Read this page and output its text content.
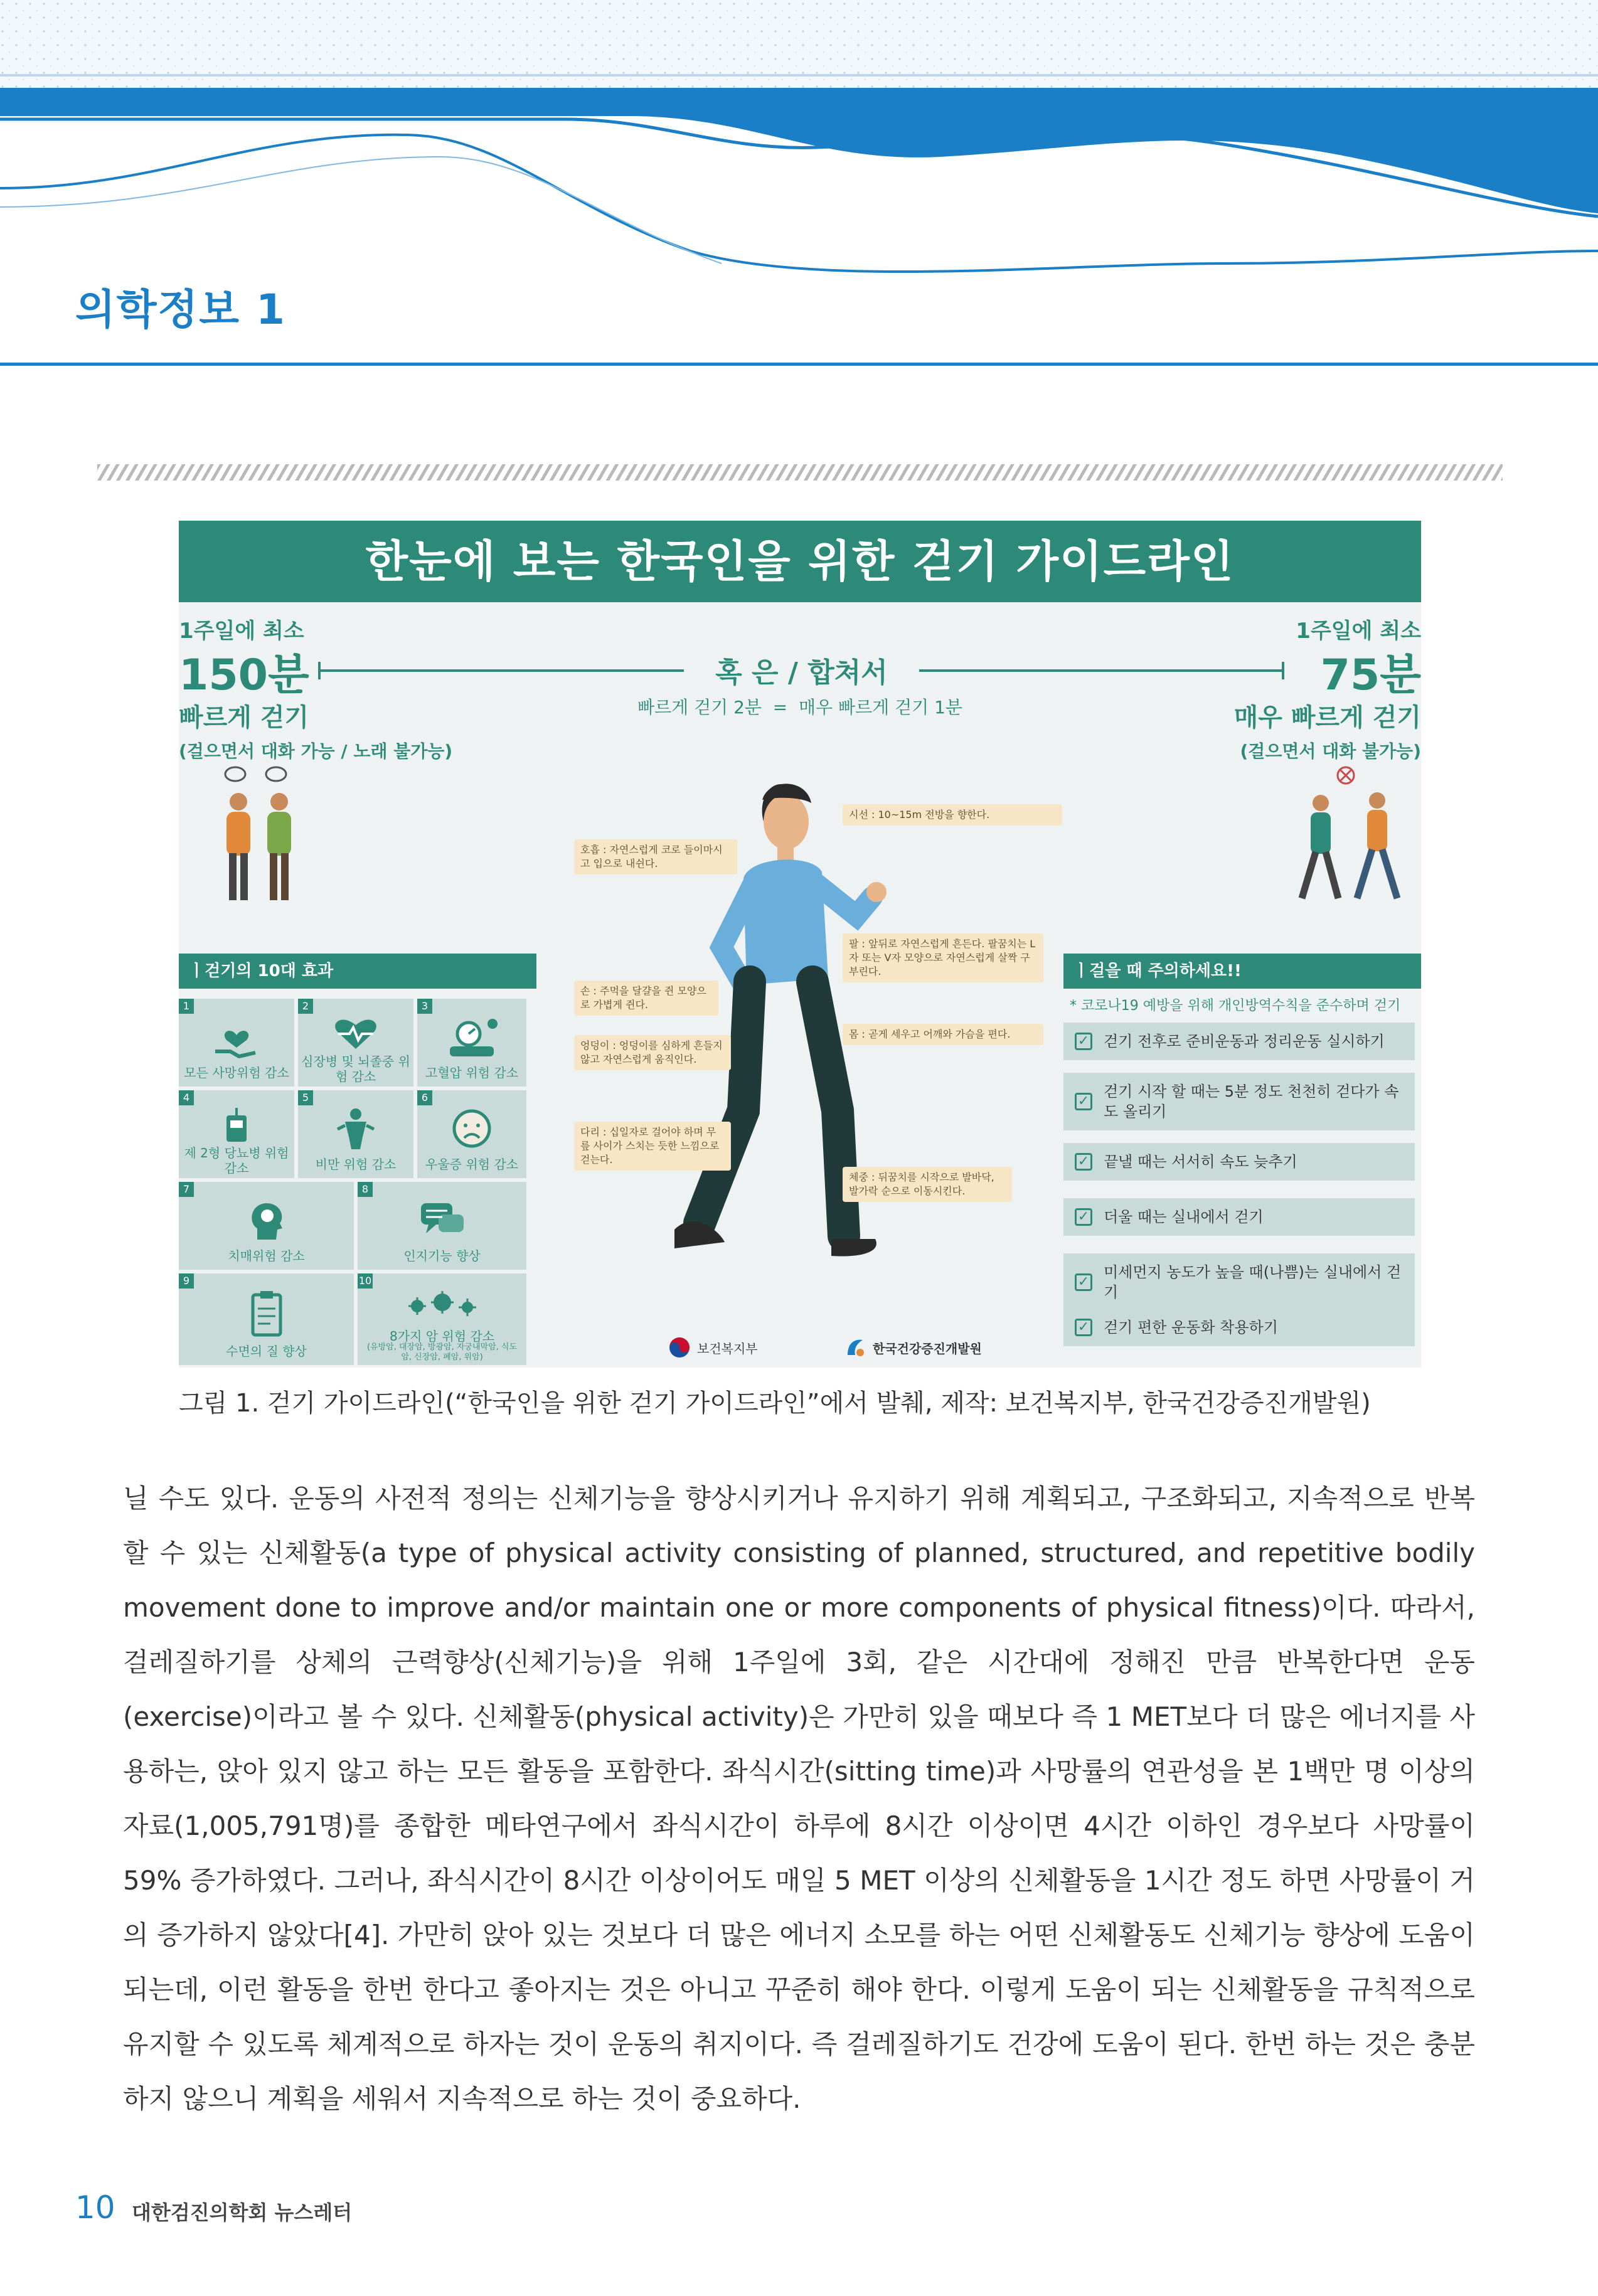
의학정보 1
한눈에 보는 한국인을 위한 걷기 가이드라인
1주일에 최소
150분
빠르게 걷기
(걸으면서 대화 가능 / 노래 불가능)
1주일에 최소
75분
매우 빠르게 걷기
(걸으면서 대화 불가능)
혹 은 / 합쳐서
빠르게 걷기 2분  =  매우 빠르게 걷기 1분
ㅣ걷기의 10대 효과
1
모든 사망위험 감소
2
심장병 및 뇌졸중 위험 감소
3
고혈압 위험 감소
4
제 2형 당뇨병 위험 감소
5
비만 위험 감소
6
우울증 위험 감소
7
치매위험 감소
8
인지기능 향상
9
수면의 질 향상
10
8가지 암 위험 감소
(유방암, 대장암, 방광암, 자궁내막암, 식도암, 신장암, 폐암, 위암)
호흡 : 자연스럽게 코로 들이마시고 입으로 내쉰다.
시선 : 10~15m 전방을 향한다.
팔 : 앞뒤로 자연스럽게 흔든다. 팔꿈치는 L자 또는 V자 모양으로 자연스럽게 살짝 구부린다.
손 : 주먹을 달걀을 쥔 모양으로 가볍게 쥔다.
엉덩이 : 엉덩이를 심하게 흔들지 않고 자연스럽게 움직인다.
몸 : 곧게 세우고 어깨와 가슴을 편다.
다리 : 십일자로 걸어야 하며 무릎 사이가 스치는 듯한 느낌으로 걷는다.
체중 : 뒤꿈치를 시작으로 발바닥, 발가락 순으로 이동시킨다.
보건복지부	한국건강증진개발원
ㅣ걸을 때 주의하세요!!
* 코로나19 예방을 위해 개인방역수칙을 준수하며 걷기
✓ 걷기 전후로 준비운동과 정리운동 실시하기
✓
걷기 시작 할 때는 5분 정도 천천히 걷다가 속도 올리기
✓ 끝낼 때는 서서히 속도 늦추기
✓ 더울 때는 실내에서 걷기
✓
미세먼지 농도가 높을 때(나쁨)는 실내에서 걷기
✓ 걷기 편한 운동화 착용하기
그림 1. 걷기 가이드라인(“한국인을 위한 걷기 가이드라인”에서 발췌, 제작: 보건복지부, 한국건강증진개발원)
닐 수도 있다. 운동의 사전적 정의는 신체기능을 향상시키거나 유지하기 위해 계획되고, 구조화되고, 지속적으로 반복할 수 있는 신체활동(a type of physical activity consisting of planned, structured, and repetitive bodily movement done to improve and/or maintain one or more components of physical fitness)이다. 따라서, 걸레질하기를 상체의 근력향상(신체기능)을 위해 1주일에 3회, 같은 시간대에 정해진 만큼 반복한다면 운동(exercise)이라고 볼 수 있다. 신체활동(physical activity)은 가만히 있을 때보다 즉 1 MET보다 더 많은 에너지를 사용하는, 앉아 있지 않고 하는 모든 활동을 포함한다. 좌식시간(sitting time)과 사망률의 연관성을 본 1백만 명 이상의 자료(1,005,791명)를 종합한 메타연구에서 좌식시간이 하루에 8시간 이상이면 4시간 이하인 경우보다 사망률이 59% 증가하였다. 그러나, 좌식시간이 8시간 이상이어도 매일 5 MET 이상의 신체활동을 1시간 정도 하면 사망률이 거의 증가하지 않았다[4]. 가만히 앉아 있는 것보다 더 많은 에너지 소모를 하는 어떤 신체활동도 신체기능 향상에 도움이 되는데, 이런 활동을 한번 한다고 좋아지는 것은 아니고 꾸준히 해야 한다. 이렇게 도움이 되는 신체활동을 규칙적으로 유지할 수 있도록 체계적으로 하자는 것이 운동의 취지이다. 즉 걸레질하기도 건강에 도움이 된다. 한번 하는 것은 충분하지 않으니 계획을 세워서 지속적으로 하는 것이 중요하다.
10 대한검진의학회 뉴스레터
